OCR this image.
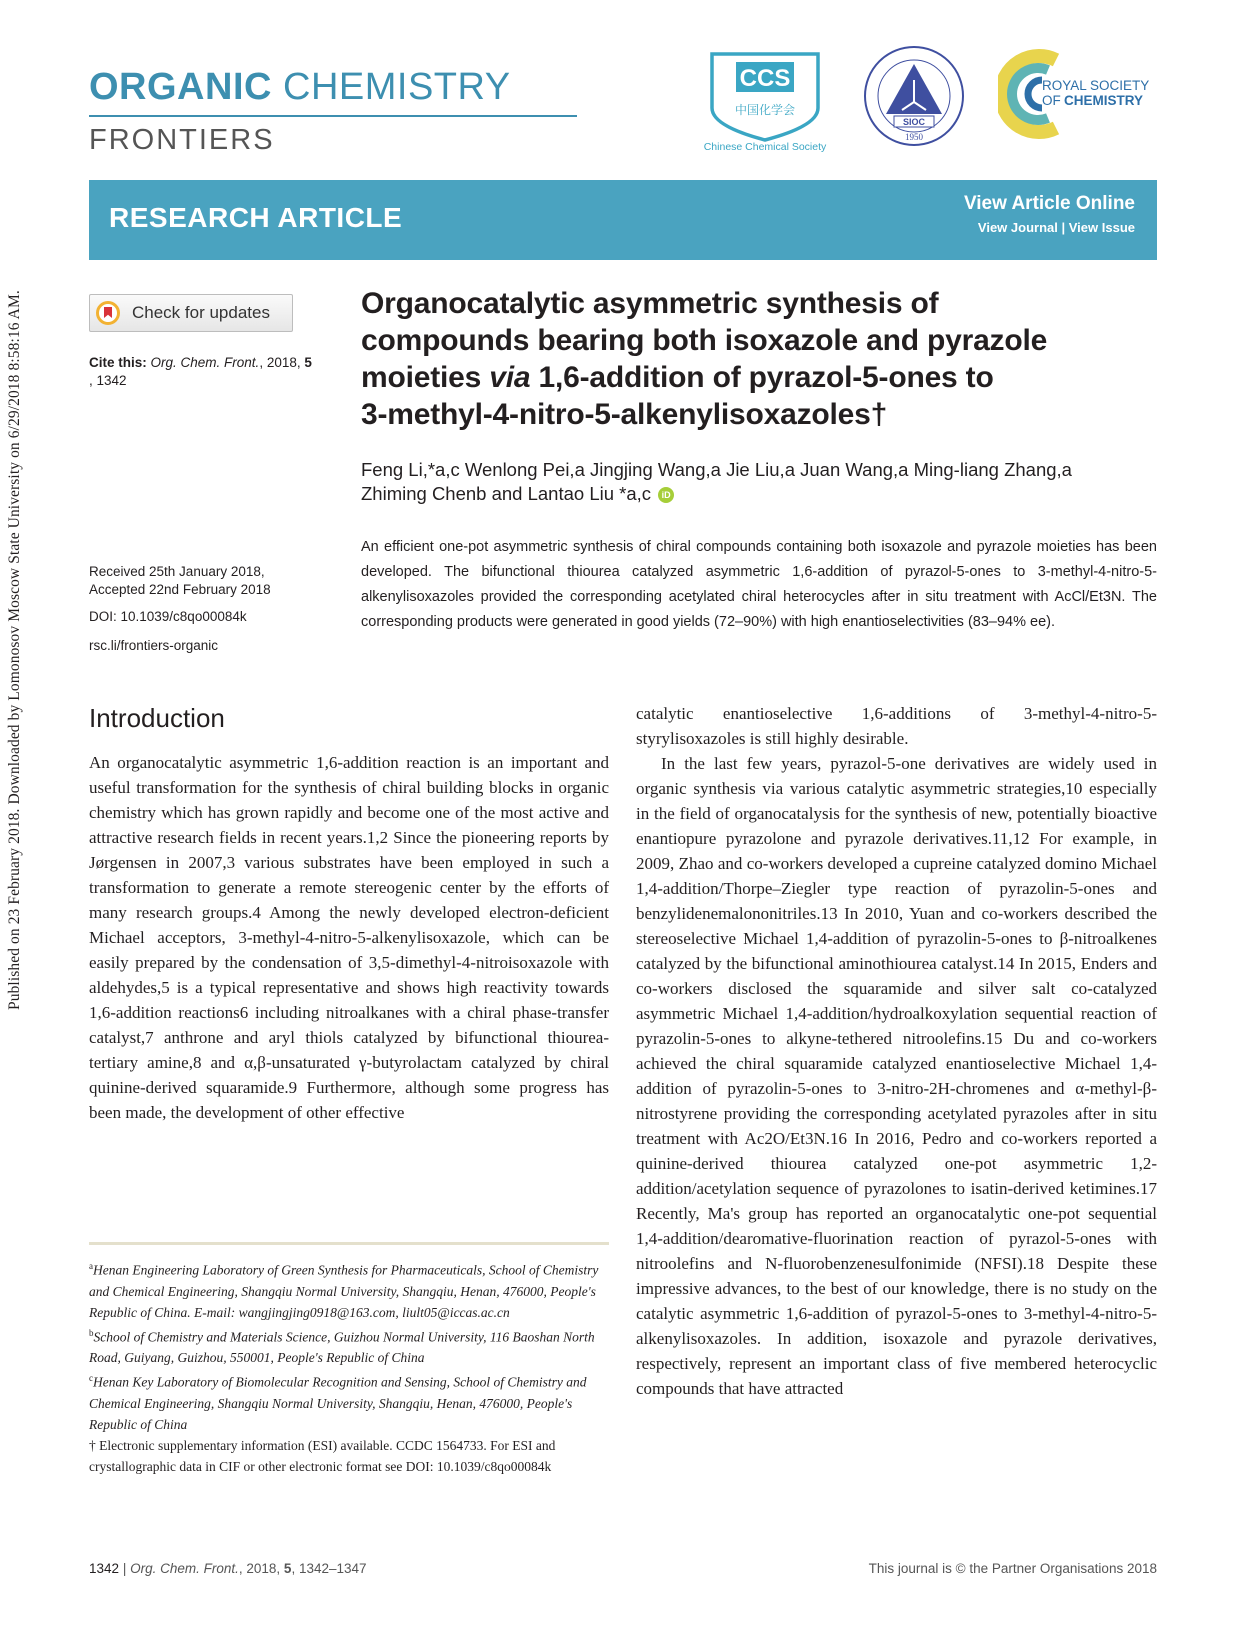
Published on 23 February 2018. Downloaded by Lomonosov Moscow State University on 6/29/2018 8:58:16 AM.
ORGANIC CHEMISTRY
FRONTIERS
CCS
中国化学会
Chinese Chemical Society
SIOC
1950
ROYAL SOCIETY
OF CHEMISTRY
RESEARCH ARTICLE	View Article Online
View Journal | View Issue
Check for updates
Cite this: Org. Chem. Front., 2018, 5
, 1342
Received 25th January 2018,
Accepted 22nd February 2018
DOI: 10.1039/c8qo00084k
rsc.li/frontiers-organic
Organocatalytic asymmetric synthesis of
compounds bearing both isoxazole and pyrazole
moieties via 1,6-addition of pyrazol-5-ones to
3-methyl-4-nitro-5-alkenylisoxazoles†
Feng Li,*a,c Wenlong Pei,a Jingjing Wang,a Jie Liu,a Juan Wang,a Ming-liang Zhang,a
Zhiming Chenb and Lantao Liu *a,c iD
An efficient one-pot asymmetric synthesis of chiral compounds containing both isoxazole and pyrazole moieties has been developed. The bifunctional thiourea catalyzed asymmetric 1,6-addition of pyrazol-5-ones to 3-methyl-4-nitro-5-alkenylisoxazoles provided the corresponding acetylated chiral heterocycles after in situ treatment with AcCl/Et3N. The corresponding products were generated in good yields (72–90%) with high enantioselectivities (83–94% ee).
Introduction

An organocatalytic asymmetric 1,6-addition reaction is an important and useful transformation for the synthesis of chiral building blocks in organic chemistry which has grown rapidly and become one of the most active and attractive research fields in recent years.1,2 Since the pioneering reports by Jørgensen in 2007,3 various substrates have been employed in such a transformation to generate a remote stereogenic center by the efforts of many research groups.4 Among the newly developed electron-deficient Michael acceptors, 3-methyl-4-nitro-5-alkenylisoxazole, which can be easily prepared by the condensation of 3,5-dimethyl-4-nitroisoxazole with aldehydes,5 is a typical representative and shows high reactivity towards 1,6-addition reactions6 including nitroalkanes with a chiral phase-transfer catalyst,7 anthrone and aryl thiols catalyzed by bifunctional thiourea-tertiary amine,8 and α,β-unsaturated γ-butyrolactam catalyzed by chiral quinine-derived squaramide.9 Furthermore, although some progress has been made, the development of other effective

$^a$Henan Engineering Laboratory of Green Synthesis for Pharmaceuticals, School of Chemistry and Chemical Engineering, Shangqiu Normal University, Shangqiu, Henan, 476000, People's Republic of China. E-mail: wangjingjing0918@163.com, liult05@iccas.ac.cn

$^b$School of Chemistry and Materials Science, Guizhou Normal University, 116 Baoshan North Road, Guiyang, Guizhou, 550001, People's Republic of China

$^c$Henan Key Laboratory of Biomolecular Recognition and Sensing, School of Chemistry and Chemical Engineering, Shangqiu Normal University, Shangqiu, Henan, 476000, People's Republic of China

† Electronic supplementary information (ESI) available. CCDC 1564733. For ESI and crystallographic data in CIF or other electronic format see DOI: 10.1039/c8qo00084k

catalytic enantioselective 1,6-additions of 3-methyl-4-nitro-5-styrylisoxazoles is still highly desirable.

In the last few years, pyrazol-5-one derivatives are widely used in organic synthesis via various catalytic asymmetric strategies,10 especially in the field of organocatalysis for the synthesis of new, potentially bioactive enantiopure pyrazolone and pyrazole derivatives.11,12 For example, in 2009, Zhao and co-workers developed a cupreine catalyzed domino Michael 1,4-addition/Thorpe–Ziegler type reaction of pyrazolin-5-ones and benzylidenemalononitriles.13 In 2010, Yuan and co-workers described the stereoselective Michael 1,4-addition of pyrazolin-5-ones to β-nitroalkenes catalyzed by the bifunctional aminothiourea catalyst.14 In 2015, Enders and co-workers disclosed the squaramide and silver salt co-catalyzed asymmetric Michael 1,4-addition/hydroalkoxylation sequential reaction of pyrazolin-5-ones to alkyne-tethered nitroolefins.15 Du and co-workers achieved the chiral squaramide catalyzed enantioselective Michael 1,4-addition of pyrazolin-5-ones to 3-nitro-2H-chromenes and α-methyl-β-nitrostyrene providing the corresponding acetylated pyrazoles after in situ treatment with Ac2O/Et3N.16 In 2016, Pedro and co-workers reported a quinine-derived thiourea catalyzed one-pot asymmetric 1,2-addition/acetylation sequence of pyrazolones to isatin-derived ketimines.17 Recently, Ma's group has reported an organocatalytic one-pot sequential 1,4-addition/dearomative-fluorination reaction of pyrazol-5-ones with nitroolefins and N-fluorobenzenesulfonimide (NFSI).18 Despite these impressive advances, to the best of our knowledge, there is no study on the catalytic asymmetric 1,6-addition of pyrazol-5-ones to 3-methyl-4-nitro-5-alkenylisoxazoles. In addition, isoxazole and pyrazole derivatives, respectively, represent an important class of five membered heterocyclic compounds that have attracted

1342 | Org. Chem. Front., 2018, 5, 1342–1347	This journal is © the Partner Organisations 2018
